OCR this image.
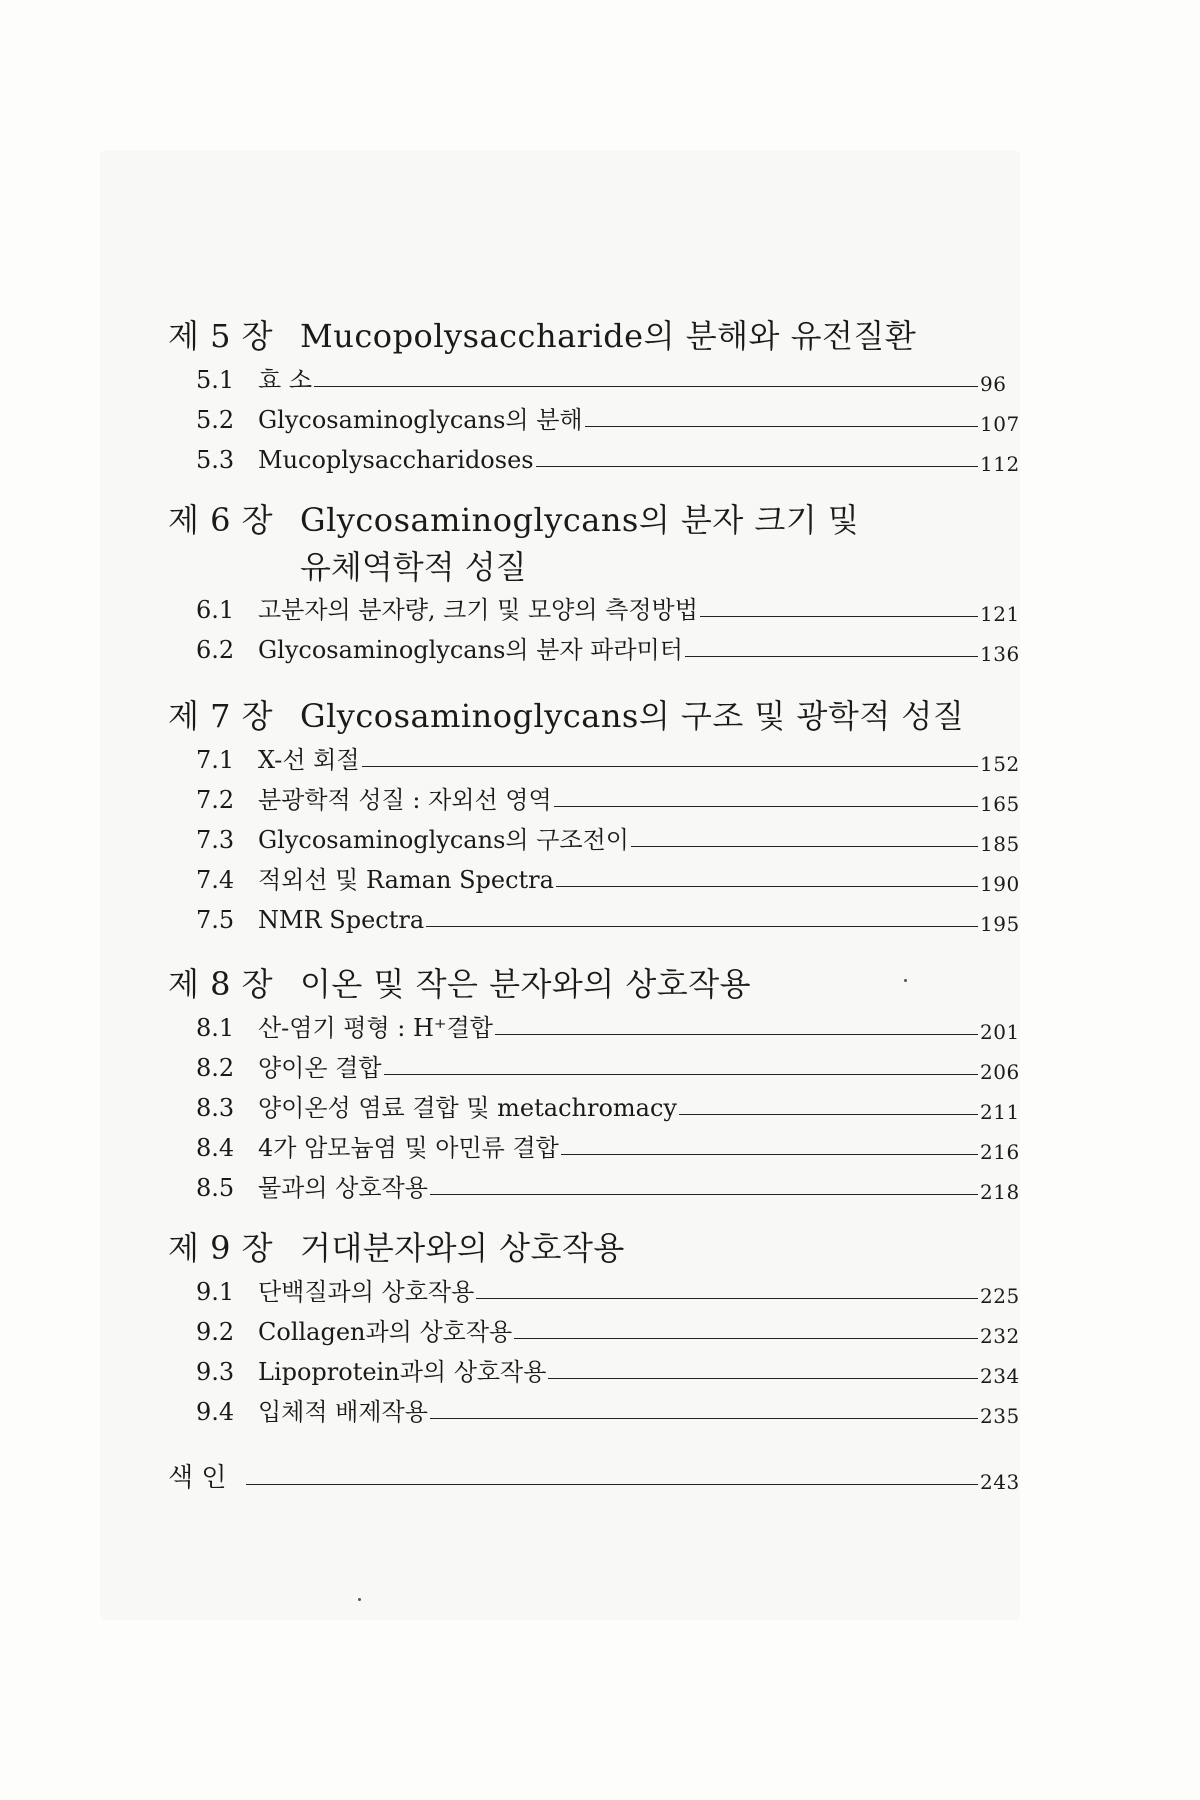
제 5 장 Mucopolysaccharide의 분해와 유전질환
5.1 효 소	96
5.2 Glycosaminoglycans의 분해	107
5.3 Mucoplysaccharidoses	112
제 6 장 Glycosaminoglycans의 분자 크기 및
유체역학적 성질
6.1 고분자의 분자량, 크기 및 모양의 측정방법	121
6.2 Glycosaminoglycans의 분자 파라미터	136
제 7 장 Glycosaminoglycans의 구조 및 광학적 성질
7.1 X-선 회절	152
7.2 분광학적 성질 : 자외선 영역	165
7.3 Glycosaminoglycans의 구조전이	185
7.4 적외선 및 Raman Spectra	190
7.5 NMR Spectra	195
제 8 장 이온 및 작은 분자와의 상호작용
8.1 산-염기 평형 : H⁺결합	201
8.2 양이온 결합	206
8.3 양이온성 염료 결합 및 metachromacy	211
8.4 4가 암모늄염 및 아민류 결합	216
8.5 물과의 상호작용	218
제 9 장 거대분자와의 상호작용
9.1 단백질과의 상호작용	225
9.2 Collagen과의 상호작용	232
9.3 Lipoprotein과의 상호작용	234
9.4 입체적 배제작용	235
색 인	243
